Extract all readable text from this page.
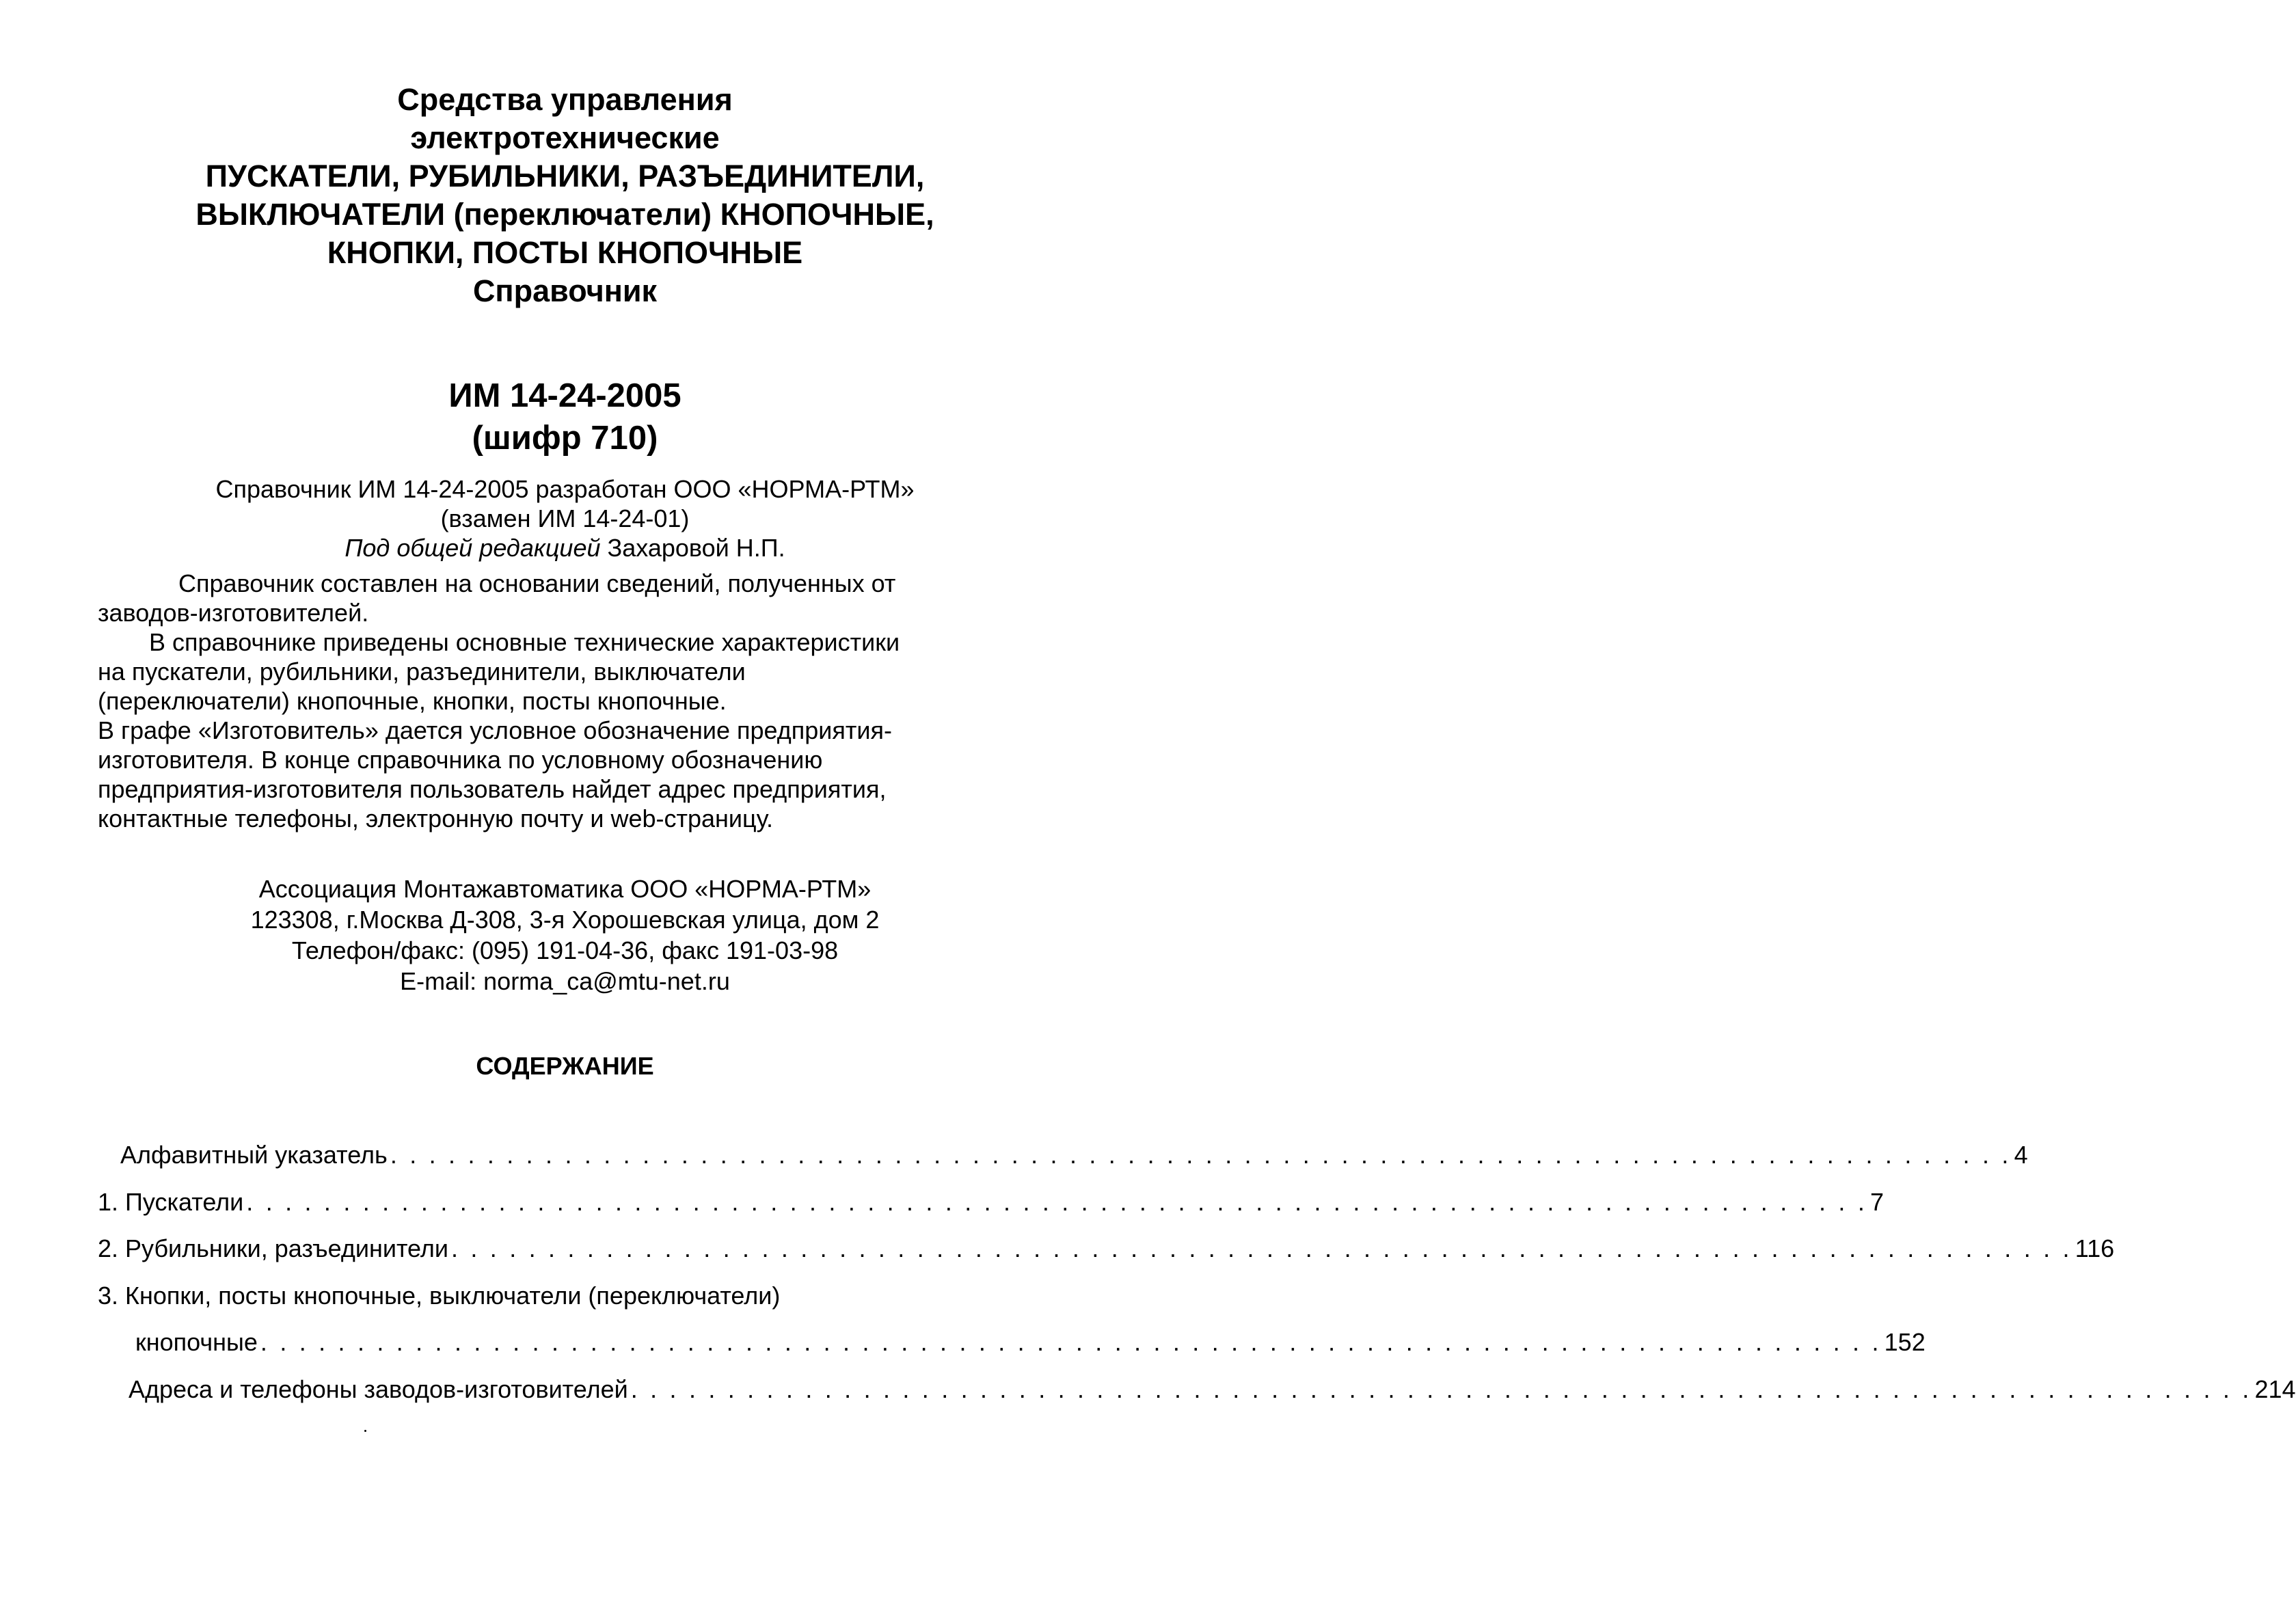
Средства управления
электротехнические
ПУСКАТЕЛИ, РУБИЛЬНИКИ, РАЗЪЕДИНИТЕЛИ,
ВЫКЛЮЧАТЕЛИ (переключатели) КНОПОЧНЫЕ,
КНОПКИ, ПОСТЫ КНОПОЧНЫЕ
Справочник
ИМ 14-24-2005
(шифр 710)
Справочник ИМ 14-24-2005 разработан ООО «НОРМА-РТМ»
(взамен ИМ 14-24-01)
Под общей редакцией Захаровой Н.П.
Справочник составлен на основании сведений, полученных от
заводов-изготовителей.
В справочнике приведены основные технические характеристики
на пускатели, рубильники, разъединители, выключатели
(переключатели) кнопочные, кнопки, посты кнопочные.
В графе «Изготовитель» дается условное обозначение предприятия-
изготовителя. В конце справочника по условному обозначению
предприятия-изготовителя пользователь найдет адрес предприятия,
контактные телефоны, электронную почту и web-страницу.
Ассоциация Монтажавтоматика ООО «НОРМА-РТМ»
123308, г.Москва Д-308, 3-я Хорошевская улица, дом 2
Телефон/факс: (095) 191-04-36, факс 191-03-98
E-mail: norma_ca@mtu-net.ru
СОДЕРЖАНИЕ
Алфавитный указатель . . . . . . . . . . . . . . . . . . . . . . . . . . . . . . . . . . . . . . . . . . . . . . . . . . . . . . . . . . . . . . . . . . . . . . . . . . . . . . . . . . . . 4
1. Пускатели . . . . . . . . . . . . . . . . . . . . . . . . . . . . . . . . . . . . . . . . . . . . . . . . . . . . . . . . . . . . . . . . . . . . . . . . . . . . . . . . . . . . 7
2. Рубильники, разъединители . . . . . . . . . . . . . . . . . . . . . . . . . . . . . . . . . . . . . . . . . . . . . . . . . . . . . . . . . . . . . . . . . . . . . . . . . . . . . . . . . . . . 116
3. Кнопки, посты кнопочные, выключатели (переключатели)
кнопочные . . . . . . . . . . . . . . . . . . . . . . . . . . . . . . . . . . . . . . . . . . . . . . . . . . . . . . . . . . . . . . . . . . . . . . . . . . . . . . . . . . . . 152
Адреса и телефоны заводов-изготовителей . . . . . . . . . . . . . . . . . . . . . . . . . . . . . . . . . . . . . . . . . . . . . . . . . . . . . . . . . . . . . . . . . . . . . . . . . . . . . . . . . . . . 214
